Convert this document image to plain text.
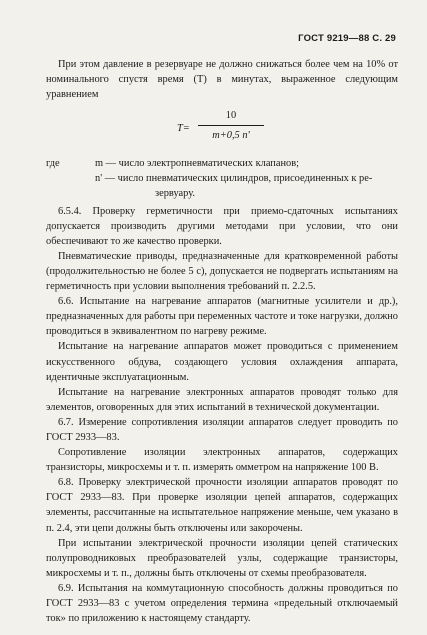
ГОСТ 9219—88 С. 29

При этом давление в резервуаре не должно снижаться более чем на 10% от номинального спустя время (T) в минутах, выраженное следующим уравнением

$T= \frac{10}{m+0,5 n'}$
где	m — число электропневматических клапанов;
n' — число пневматических цилиндров, присоединенных к ре-

зервуару.

6.5.4. Проверку герметичности при приемо-сдаточных испытаниях допускается производить другими методами при условии, что они обеспечивают то же качество проверки.

Пневматические приводы, предназначенные для кратковременной работы (продолжительностью не более 5 с), допускается не подвергать испытаниям на герметичность при условии выполнения требований п. 2.2.5.

6.6. Испытание на нагревание аппаратов (магнитные усилители и др.), предназначенных для работы при переменных частоте и токе нагрузки, должно проводиться в эквивалентном по нагреву режиме.

Испытание на нагревание аппаратов может проводиться с применением искусственного обдува, создающего условия охлаждения аппарата, идентичные эксплуатационным.

Испытание на нагревание электронных аппаратов проводят только для элементов, оговоренных для этих испытаний в технической документации.

6.7. Измерение сопротивления изоляции аппаратов следует проводить по ГОСТ 2933—83.

Сопротивление изоляции электронных аппаратов, содержащих транзисторы, микросхемы и т. п. измерять омметром на напряжение 100 В.

6.8. Проверку электрической прочности изоляции аппаратов проводят по ГОСТ 2933—83. При проверке изоляции цепей аппаратов, содержащих элементы, рассчитанные на испытательное напряжение меньше, чем указано в п. 2.4, эти цепи должны быть отключены или закорочены.

При испытании электрической прочности изоляции цепей статических полупроводниковых преобразователей узлы, содержащие транзисторы, микросхемы и т. п., должны быть отключены от схемы преобразователя.

6.9. Испытания на коммутационную способность должны проводиться по ГОСТ 2933—83 с учетом определения термина «предельный отключаемый ток» по приложению к настоящему стандарту.
